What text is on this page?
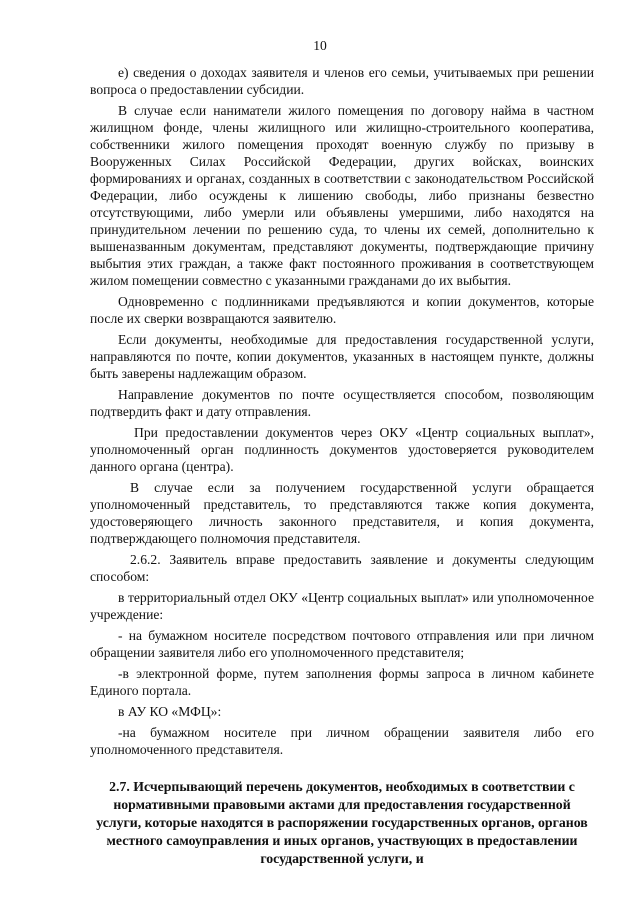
10

е) сведения о доходах заявителя и членов его семьи, учитываемых при решении вопроса о предоставлении субсидии.

В случае если наниматели жилого помещения по договору найма в частном жилищном фонде, члены жилищного или жилищно-строительного кооператива, собственники жилого помещения проходят военную службу по призыву в Вооруженных Силах Российской Федерации, других войсках, воинских формированиях и органах, созданных в соответствии с законодательством Российской Федерации, либо осуждены к лишению свободы, либо признаны безвестно отсутствующими, либо умерли или объявлены умершими, либо находятся на принудительном лечении по решению суда, то члены их семей, дополнительно к вышеназванным документам, представляют документы, подтверждающие причину выбытия этих граждан, а также факт постоянного проживания в соответствующем жилом помещении совместно с указанными гражданами до их выбытия.

Одновременно с подлинниками предъявляются и копии документов, которые после их сверки возвращаются заявителю.

Если документы, необходимые для предоставления государственной услуги, направляются по почте, копии документов, указанных в настоящем пункте, должны быть заверены надлежащим образом.

Направление документов по почте осуществляется способом, позволяющим подтвердить факт и дату отправления.

При предоставлении документов через ОКУ «Центр социальных выплат», уполномоченный орган подлинность документов удостоверяется руководителем данного органа (центра).

В случае если за получением государственной услуги обращается уполномоченный представитель, то представляются также копия документа, удостоверяющего личность законного представителя, и копия документа, подтверждающего полномочия представителя.

2.6.2. Заявитель вправе предоставить заявление и документы следующим способом:

в территориальный отдел ОКУ «Центр социальных выплат» или уполномоченное учреждение:

- на бумажном носителе посредством почтового отправления или при личном обращении заявителя либо его уполномоченного представителя;

-в электронной форме, путем заполнения формы запроса в личном кабинете Единого портала.

в АУ КО «МФЦ»:

-на бумажном носителе при личном обращении заявителя либо его уполномоченного представителя.

2.7. Исчерпывающий перечень документов, необходимых в соответствии с нормативными правовыми актами для предоставления государственной услуги, которые находятся в распоряжении государственных органов, органов местного самоуправления и иных органов, участвующих в предоставлении государственной услуги, и
